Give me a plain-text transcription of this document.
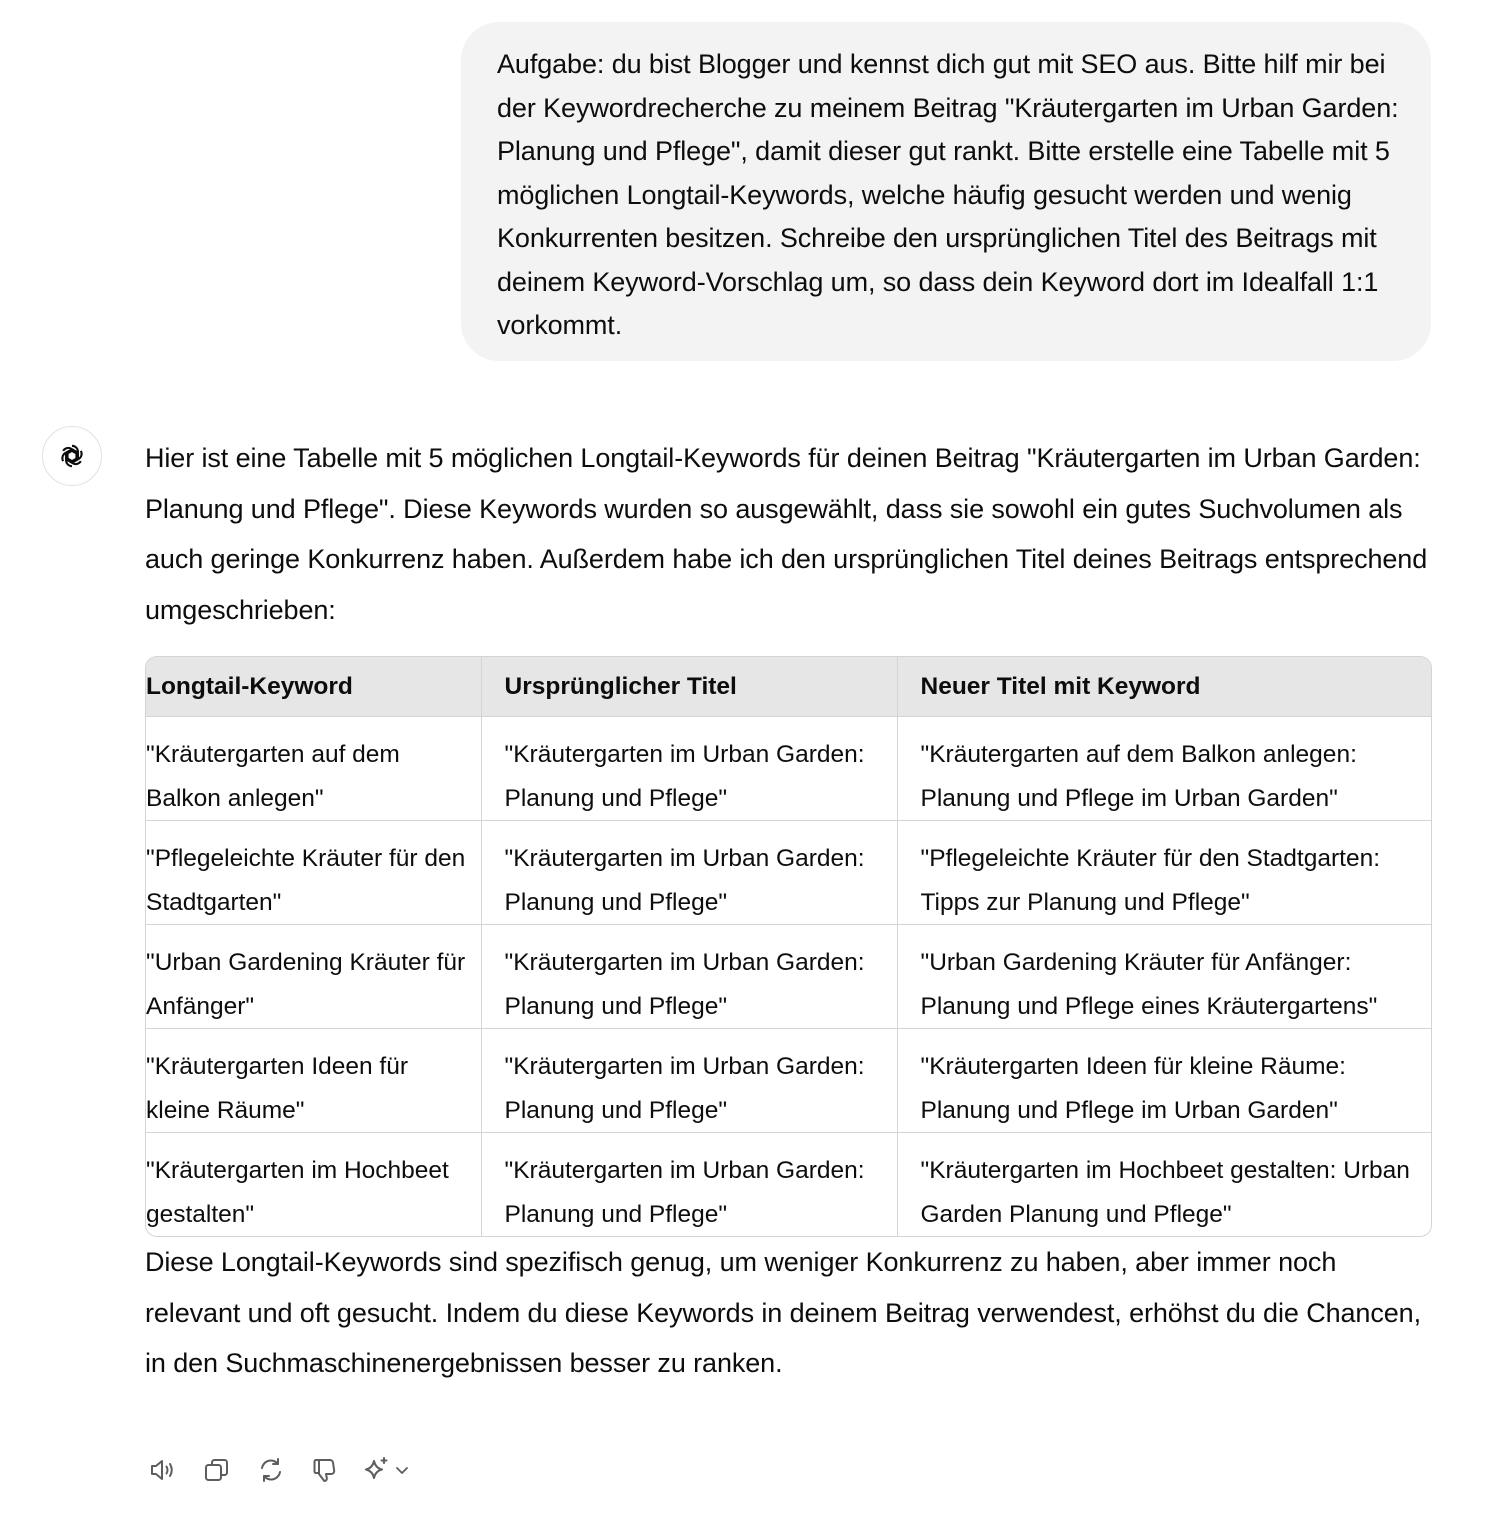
Aufgabe: du bist Blogger und kennst dich gut mit SEO aus. Bitte hilf mir bei der Keywordrecherche zu meinem Beitrag "Kräutergarten im Urban Garden: Planung und Pflege", damit dieser gut rankt. Bitte erstelle eine Tabelle mit 5 möglichen Longtail-Keywords, welche häufig gesucht werden und wenig Konkurrenten besitzen. Schreibe den ursprünglichen Titel des Beitrags mit deinem Keyword-Vorschlag um, so dass dein Keyword dort im Idealfall 1:1 vorkommt.

Hier ist eine Tabelle mit 5 möglichen Longtail-Keywords für deinen Beitrag "Kräutergarten im Urban Garden: Planung und Pflege". Diese Keywords wurden so ausgewählt, dass sie sowohl ein gutes Suchvolumen als auch geringe Konkurrenz haben. Außerdem habe ich den ursprünglichen Titel deines Beitrags entsprechend umgeschrieben:

Longtail-Keyword	Ursprünglicher Titel	Neuer Titel mit Keyword
"Kräutergarten auf dem Balkon anlegen"	"Kräutergarten im Urban Garden: Planung und Pflege"	"Kräutergarten auf dem Balkon anlegen: Planung und Pflege im Urban Garden"
"Pflegeleichte Kräuter für den Stadtgarten"	"Kräutergarten im Urban Garden: Planung und Pflege"	"Pflegeleichte Kräuter für den Stadtgarten: Tipps zur Planung und Pflege"
"Urban Gardening Kräuter für Anfänger"	"Kräutergarten im Urban Garden: Planung und Pflege"	"Urban Gardening Kräuter für Anfänger: Planung und Pflege eines Kräutergartens"
"Kräutergarten Ideen für kleine Räume"	"Kräutergarten im Urban Garden: Planung und Pflege"	"Kräutergarten Ideen für kleine Räume: Planung und Pflege im Urban Garden"
"Kräutergarten im Hochbeet gestalten"	"Kräutergarten im Urban Garden: Planung und Pflege"	"Kräutergarten im Hochbeet gestalten: Urban Garden Planung und Pflege"

Diese Longtail-Keywords sind spezifisch genug, um weniger Konkurrenz zu haben, aber immer noch relevant und oft gesucht. Indem du diese Keywords in deinem Beitrag verwendest, erhöhst du die Chancen, in den Suchmaschinenergebnissen besser zu ranken.
